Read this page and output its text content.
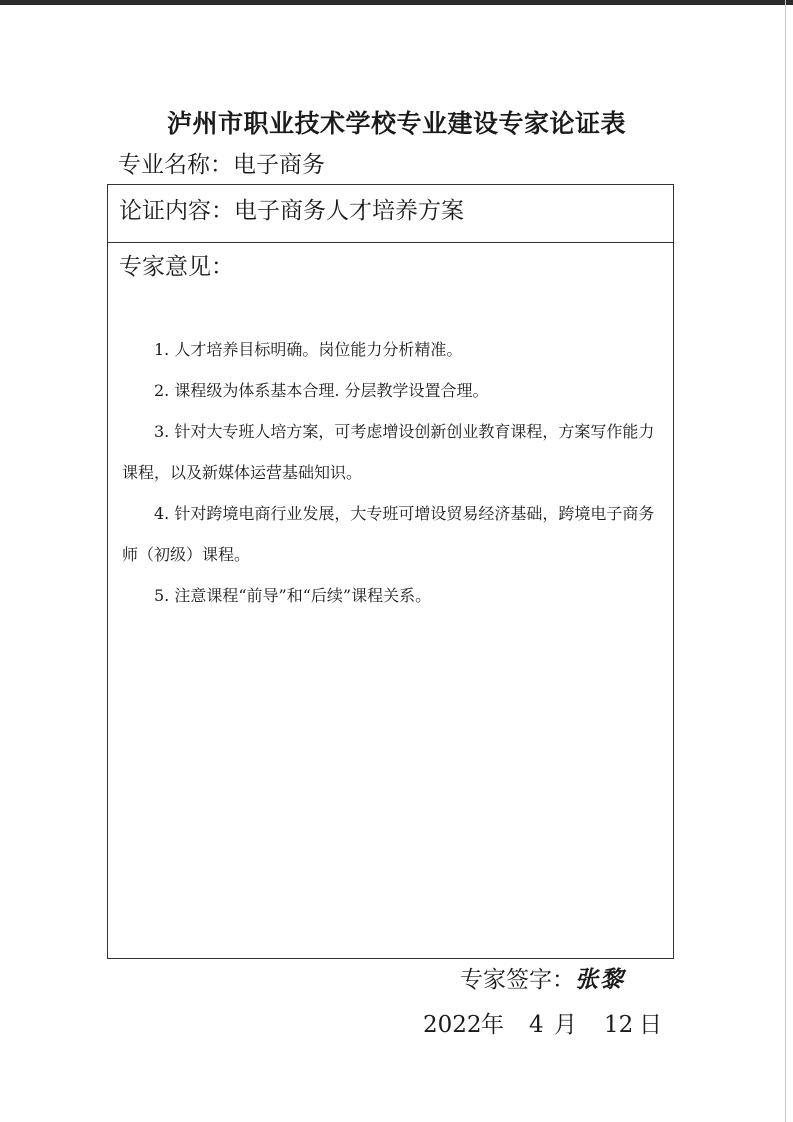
泸州市职业技术学校专业建设专家论证表
专业名称：电子商务
论证内容：电子商务人才培养方案
专家意见：

1. 人才培养目标明确。岗位能力分析精准。

2. 课程级为体系基本合理. 分层教学设置合理。

3. 针对大专班人培方案，可考虑增设创新创业教育课程，方案写作能力课程，以及新媒体运营基础知识。

4. 针对跨境电商行业发展，大专班可增设贸易经济基础，跨境电子商务师（初级）课程。

5. 注意课程“前导”和“后续”课程关系。

专家签字：张黎
2022年 4 月 12 日
